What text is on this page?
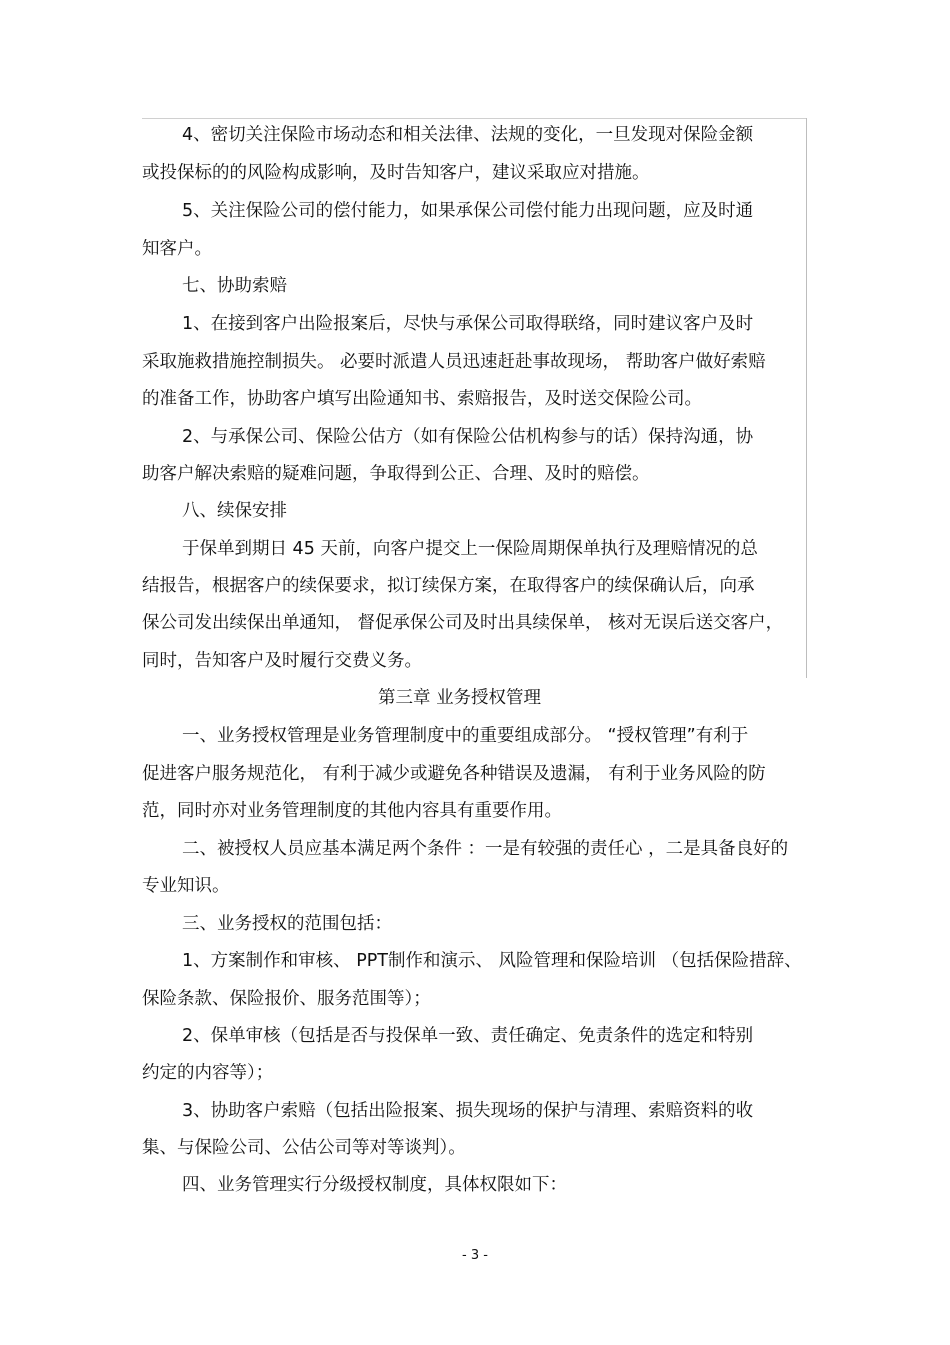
4、密切关注保险市场动态和相关法律、法规的变化，一旦发现对保险金额
或投保标的的风险构成影响，及时告知客户，建议采取应对措施。
5、关注保险公司的偿付能力，如果承保公司偿付能力出现问题，应及时通
知客户。
七、协助索赔
1、在接到客户出险报案后，尽快与承保公司取得联络，同时建议客户及时
采取施救措施控制损失。 必要时派遣人员迅速赶赴事故现场， 帮助客户做好索赔
的准备工作，协助客户填写出险通知书、索赔报告，及时送交保险公司。
2、与承保公司、保险公估方（如有保险公估机构参与的话）保持沟通，协
助客户解决索赔的疑难问题，争取得到公正、合理、及时的赔偿。
八、续保安排
于保单到期日 45 天前，向客户提交上一保险周期保单执行及理赔情况的总
结报告，根据客户的续保要求，拟订续保方案，在取得客户的续保确认后，向承
保公司发出续保出单通知， 督促承保公司及时出具续保单， 核对无误后送交客户，
同时，告知客户及时履行交费义务。
第三章 业务授权管理
一、业务授权管理是业务管理制度中的重要组成部分。 “授权管理”有利于
促进客户服务规范化， 有利于减少或避免各种错误及遗漏， 有利于业务风险的防
范，同时亦对业务管理制度的其他内容具有重要作用。
二、被授权人员应基本满足两个条件 ：一是有较强的责任心 ，二是具备良好的
专业知识。
三、业务授权的范围包括：
1、方案制作和审核、 PPT制作和演示、 风险管理和保险培训 （包括保险措辞、
保险条款、保险报价、服务范围等）；
2、保单审核（包括是否与投保单一致、责任确定、免责条件的选定和特别
约定的内容等）；
3、协助客户索赔（包括出险报案、损失现场的保护与清理、索赔资料的收
集、与保险公司、公估公司等对等谈判）。
四、业务管理实行分级授权制度，具体权限如下：
- 3 -
